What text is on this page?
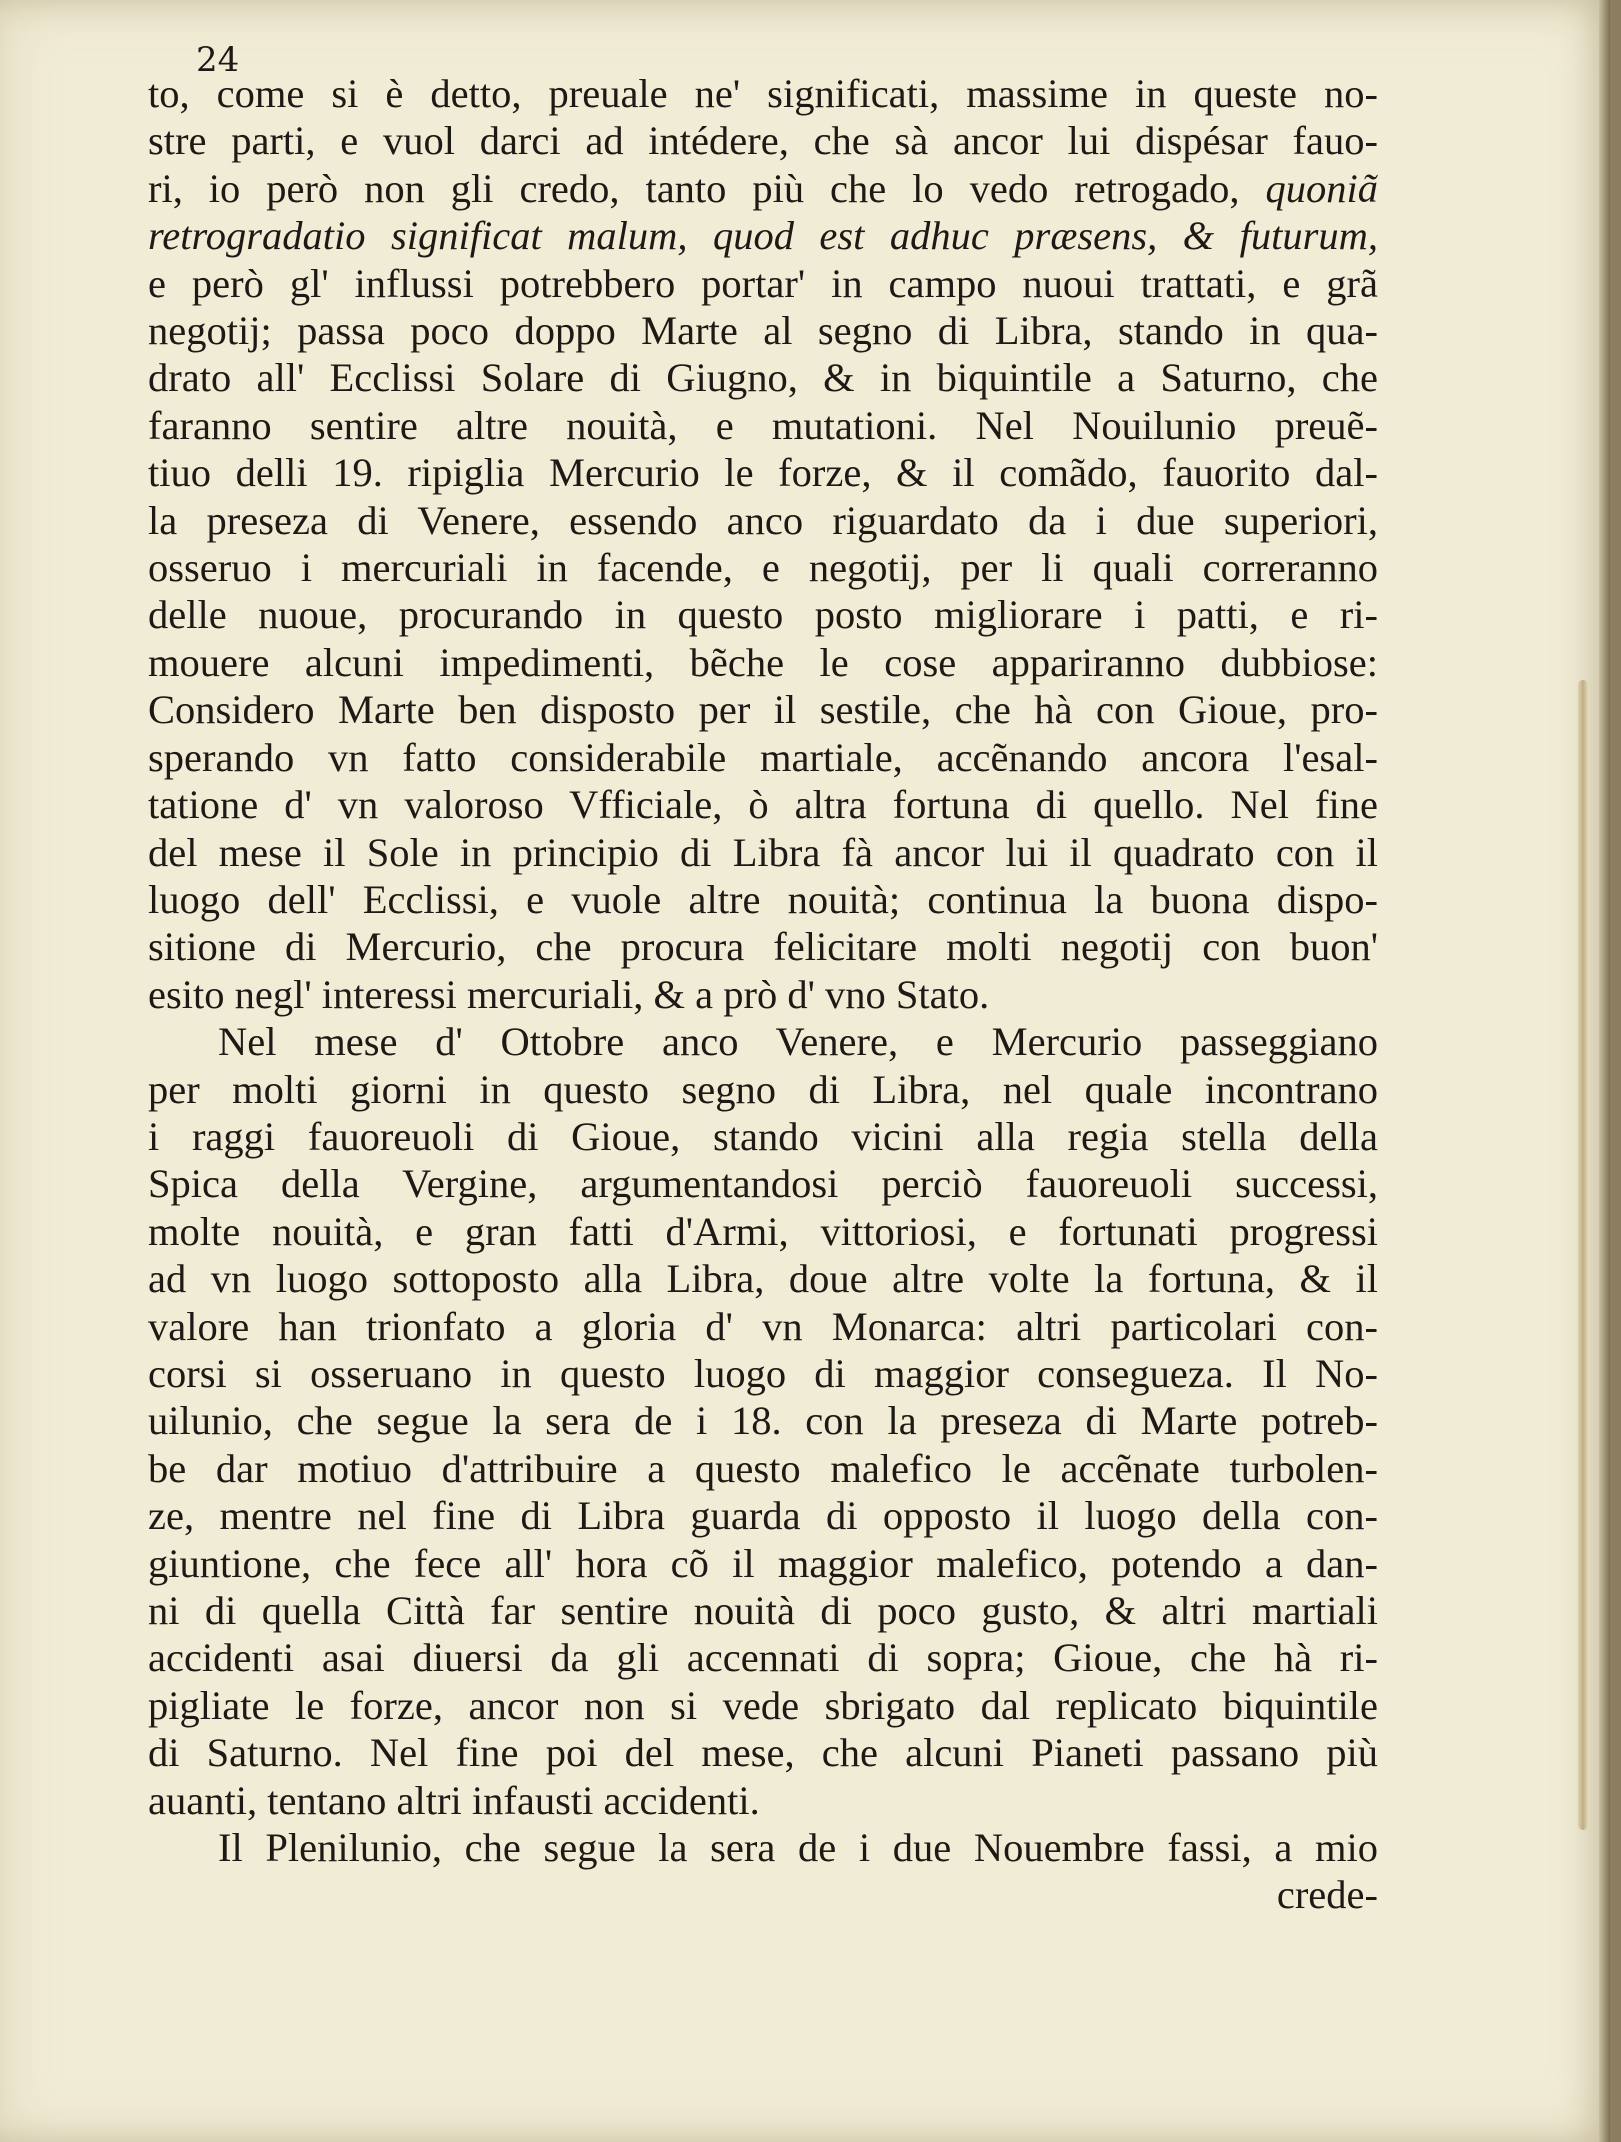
24
to, come si è detto, preuale ne' significati, massime in queste no-
stre parti, e vuol darci ad intédere, che sà ancor lui dispésar fauo-
ri, io però non gli credo, tanto più che lo vedo retrogado, quoniã
retrogradatio significat malum, quod est adhuc præsens, & futurum,
e però gl' influssi potrebbero portar' in campo nuoui trattati, e grã
negotij; passa poco doppo Marte al segno di Libra, stando in qua-
drato all' Ecclissi Solare di Giugno, & in biquintile a Saturno, che
faranno sentire altre nouità, e mutationi. Nel Nouilunio preuẽ-
tiuo delli 19. ripiglia Mercurio le forze, & il comãdo, fauorito dal-
la preseza di Venere, essendo anco riguardato da i due superiori,
osseruo i mercuriali in facende, e negotij, per li quali correranno
delle nuoue, procurando in questo posto migliorare i patti, e ri-
mouere alcuni impedimenti, bẽche le cose appariranno dubbiose:
Considero Marte ben disposto per il sestile, che hà con Gioue, pro-
sperando vn fatto considerabile martiale, accẽnando ancora l'esal-
tatione d' vn valoroso Vfficiale, ò altra fortuna di quello. Nel fine
del mese il Sole in principio di Libra fà ancor lui il quadrato con il
luogo dell' Ecclissi, e vuole altre nouità; continua la buona dispo-
sitione di Mercurio, che procura felicitare molti negotij con buon'
esito negl' interessi mercuriali, & a prò d' vno Stato.
Nel mese d' Ottobre anco Venere, e Mercurio passeggiano
per molti giorni in questo segno di Libra, nel quale incontrano
i raggi fauoreuoli di Gioue, stando vicini alla regia stella della
Spica della Vergine, argumentandosi perciò fauoreuoli successi,
molte nouità, e gran fatti d'Armi, vittoriosi, e fortunati progressi
ad vn luogo sottoposto alla Libra, doue altre volte la fortuna, & il
valore han trionfato a gloria d' vn Monarca: altri particolari con-
corsi si osseruano in questo luogo di maggior consegueza. Il No-
uilunio, che segue la sera de i 18. con la preseza di Marte potreb-
be dar motiuo d'attribuire a questo malefico le accẽnate turbolen-
ze, mentre nel fine di Libra guarda di opposto il luogo della con-
giuntione, che fece all' hora cõ il maggior malefico, potendo a dan-
ni di quella Città far sentire nouità di poco gusto, & altri martiali
accidenti asai diuersi da gli accennati di sopra; Gioue, che hà ri-
pigliate le forze, ancor non si vede sbrigato dal replicato biquintile
di Saturno. Nel fine poi del mese, che alcuni Pianeti passano più
auanti, tentano altri infausti accidenti.
Il Plenilunio, che segue la sera de i due Nouembre fassi, a mio
crede-
